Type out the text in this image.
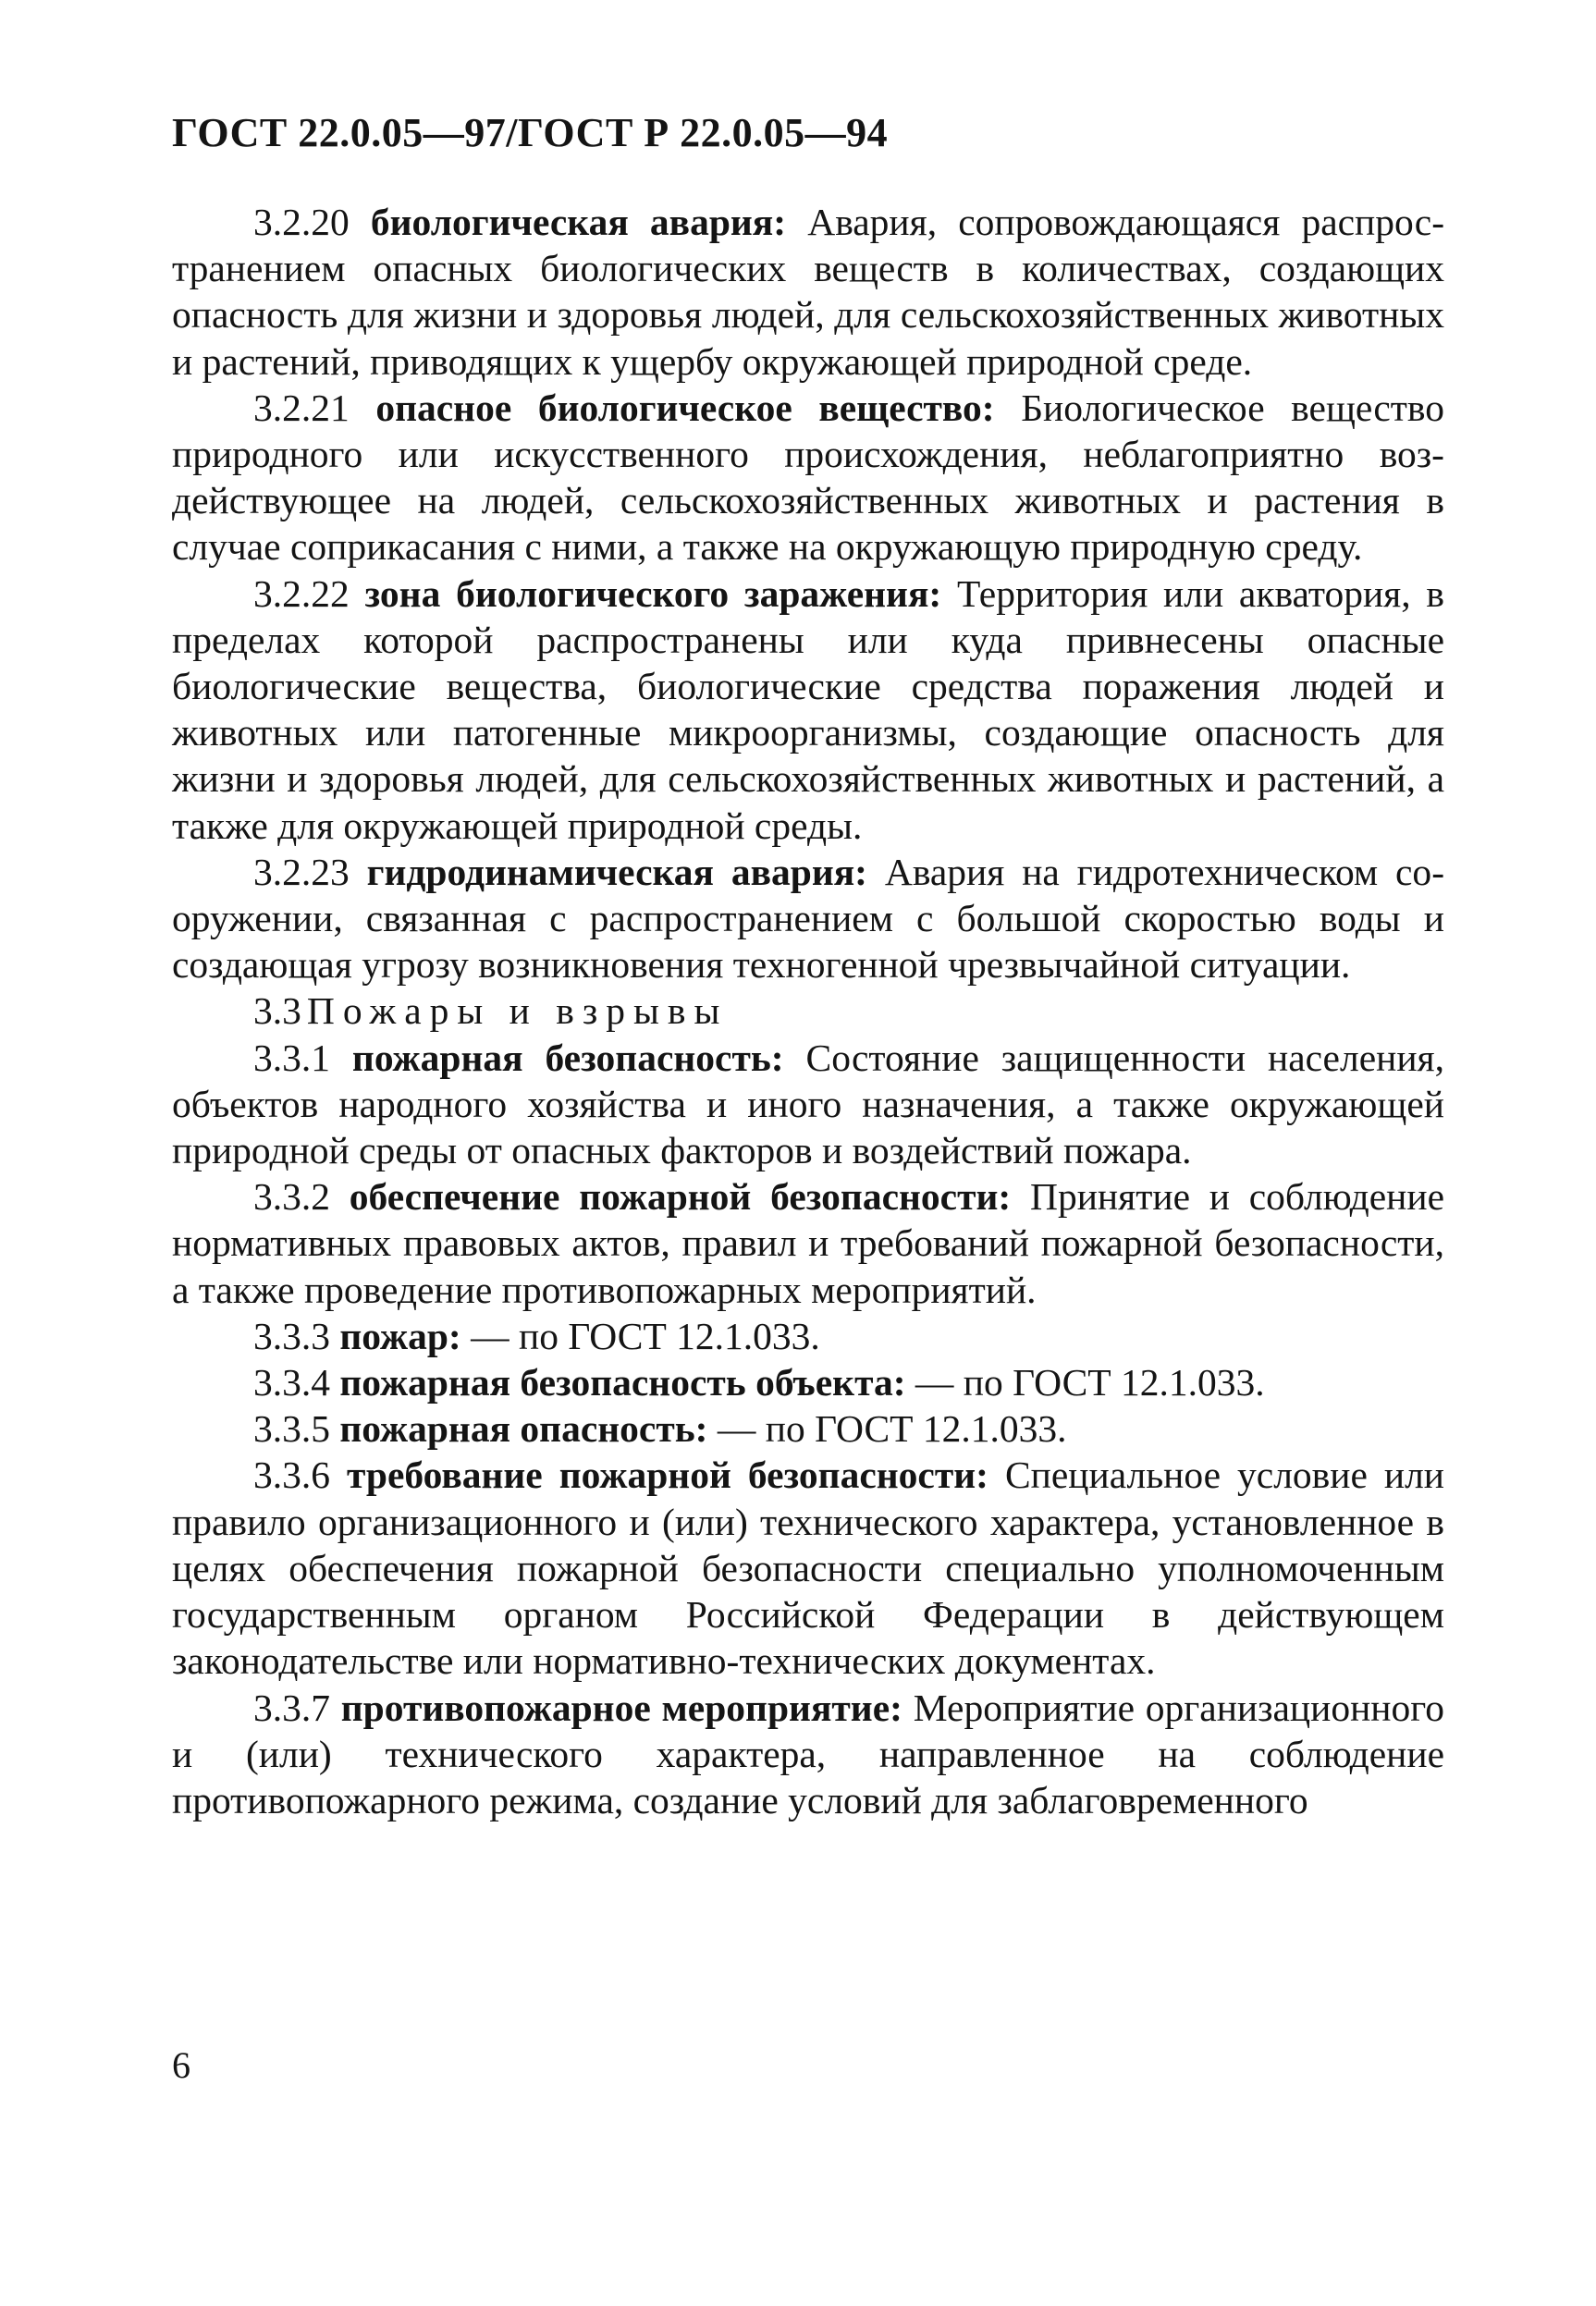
ГОСТ 22.0.05—97/ГОСТ Р 22.0.05—94

3.2.20 биологическая авария: Авария, сопровождающаяся распространением опасных биологических веществ в количествах, создающих опасность для жизни и здоровья людей, для сельскохозяйственных животных и растений, приводящих к ущербу окружающей природной среде.

3.2.21 опасное биологическое вещество: Биологическое вещество природного или искусственного происхождения, неблагоприятно воздействующее на людей, сельскохозяйственных животных и растения в случае соприкасания с ними, а также на окружающую природную среду.

3.2.22 зона биологического заражения: Территория или акватория, в пределах которой распространены или куда привнесены опасные биологические вещества, биологические средства поражения людей и животных или патогенные микроорганизмы, создающие опасность для жизни и здоровья людей, для сельскохозяйственных животных и растений, а также для окружающей природной среды.

3.2.23 гидродинамическая авария: Авария на гидротехническом сооружении, связанная с распространением с большой скоростью воды и создающая угрозу возникновения техногенной чрезвычайной ситуации.

3.3 Пожары и взрывы

3.3.1 пожарная безопасность: Состояние защищенности населения, объектов народного хозяйства и иного назначения, а также окружающей природной среды от опасных факторов и воздействий пожара.

3.3.2 обеспечение пожарной безопасности: Принятие и соблюдение нормативных правовых актов, правил и требований пожарной безопасности, а также проведение противопожарных мероприятий.

3.3.3 пожар: — по ГОСТ 12.1.033.

3.3.4 пожарная безопасность объекта: — по ГОСТ 12.1.033.

3.3.5 пожарная опасность: — по ГОСТ 12.1.033.

3.3.6 требование пожарной безопасности: Специальное условие или правило организационного и (или) технического характера, установленное в целях обеспечения пожарной безопасности специально уполномоченным государственным органом Российской Федерации в действующем законодательстве или нормативно-технических документах.

3.3.7 противопожарное мероприятие: Мероприятие организационного и (или) технического характера, направленное на соблюдение противопожарного режима, создание условий для заблаговременного

6
